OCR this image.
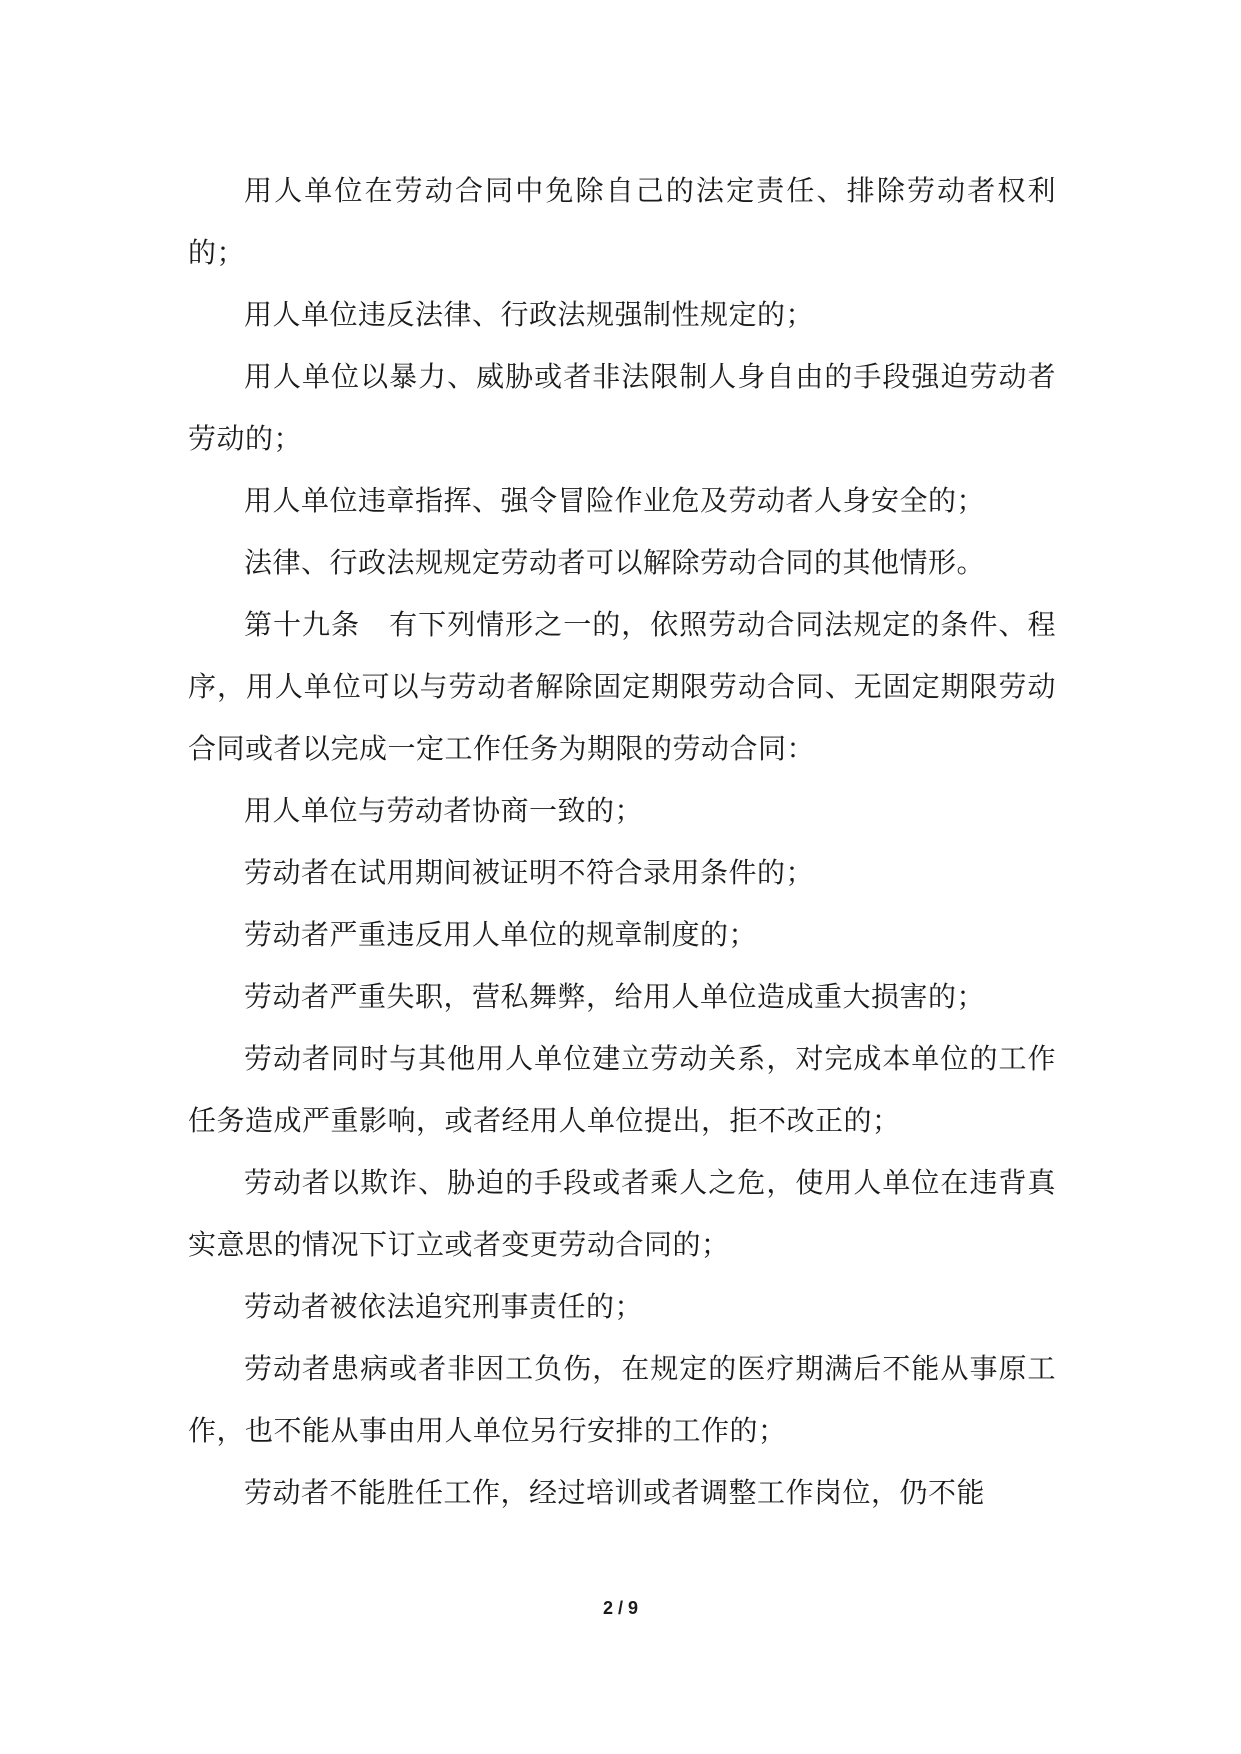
用人单位在劳动合同中免除自己的法定责任、排除劳动者权利的；

用人单位违反法律、行政法规强制性规定的；

用人单位以暴力、威胁或者非法限制人身自由的手段强迫劳动者劳动的；

用人单位违章指挥、强令冒险作业危及劳动者人身安全的；

法律、行政法规规定劳动者可以解除劳动合同的其他情形。

第十九条　有下列情形之一的，依照劳动合同法规定的条件、程序，用人单位可以与劳动者解除固定期限劳动合同、无固定期限劳动合同或者以完成一定工作任务为期限的劳动合同：

用人单位与劳动者协商一致的；

劳动者在试用期间被证明不符合录用条件的；

劳动者严重违反用人单位的规章制度的；

劳动者严重失职，营私舞弊，给用人单位造成重大损害的；

劳动者同时与其他用人单位建立劳动关系，对完成本单位的工作任务造成严重影响，或者经用人单位提出，拒不改正的；

劳动者以欺诈、胁迫的手段或者乘人之危，使用人单位在违背真实意思的情况下订立或者变更劳动合同的；

劳动者被依法追究刑事责任的；

劳动者患病或者非因工负伤，在规定的医疗期满后不能从事原工作，也不能从事由用人单位另行安排的工作的；

劳动者不能胜任工作，经过培训或者调整工作岗位，仍不能

2 / 9
